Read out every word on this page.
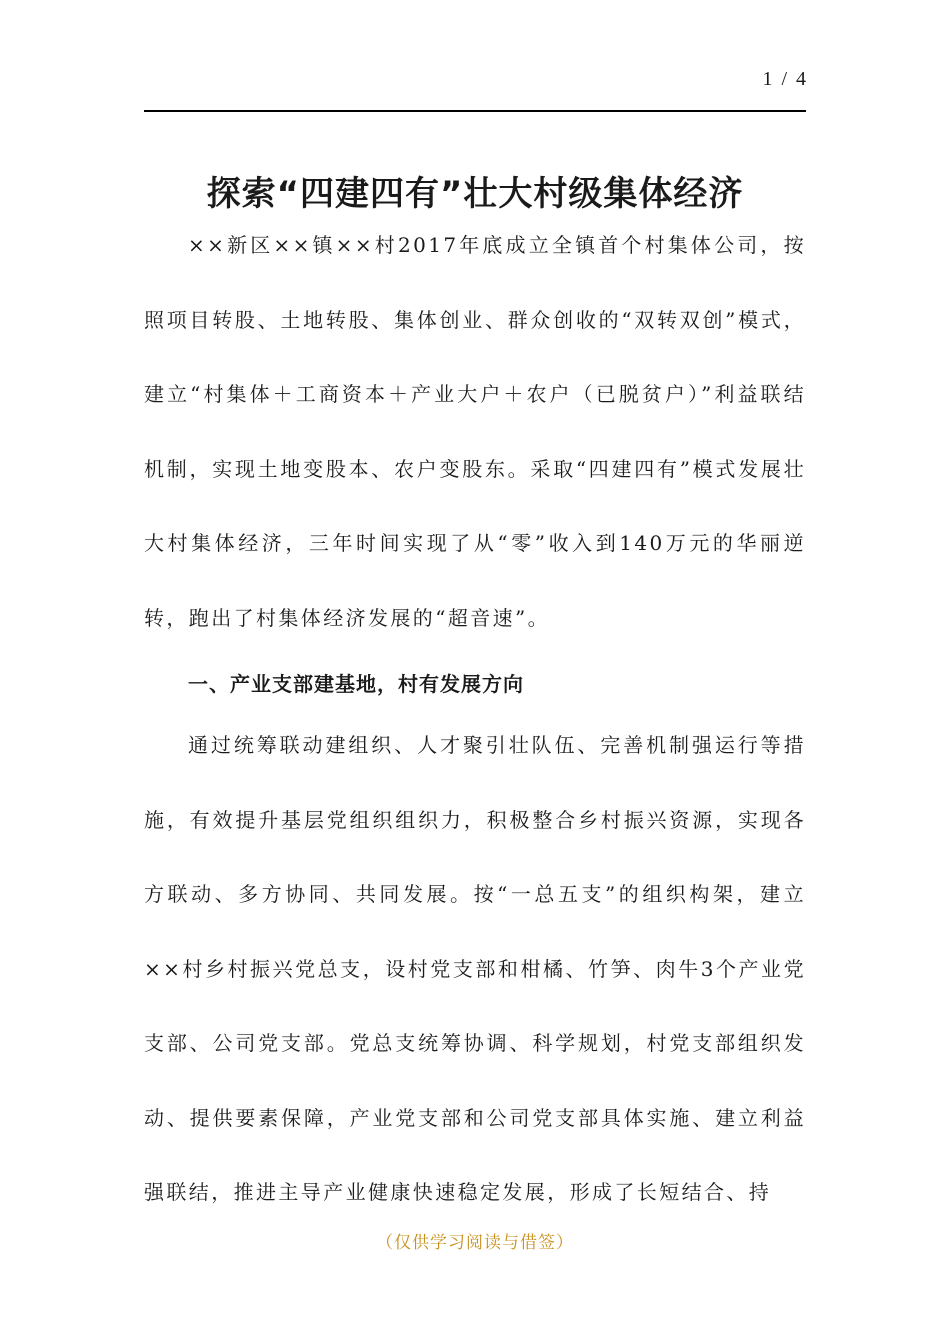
1 / 4
探索“四建四有”壮大村级集体经济

××新区××镇××村2017年底成立全镇首个村集体公司，按照项目转股、土地转股、集体创业、群众创收的“双转双创”模式，建立“村集体＋工商资本＋产业大户＋农户（已脱贫户）”利益联结机制，实现土地变股本、农户变股东。采取“四建四有”模式发展壮大村集体经济，三年时间实现了从“零”收入到140万元的华丽逆转，跑出了村集体经济发展的“超音速”。

一、产业支部建基地，村有发展方向

通过统筹联动建组织、人才聚引壮队伍、完善机制强运行等措施，有效提升基层党组织组织力，积极整合乡村振兴资源，实现各方联动、多方协同、共同发展。按“一总五支”的组织构架，建立××村乡村振兴党总支，设村党支部和柑橘、竹笋、肉牛3个产业党支部、公司党支部。党总支统筹协调、科学规划，村党支部组织发动、提供要素保障，产业党支部和公司党支部具体实施、建立利益强联结，推进主导产业健康快速稳定发展，形成了长短结合、持

（仅供学习阅读与借签）
